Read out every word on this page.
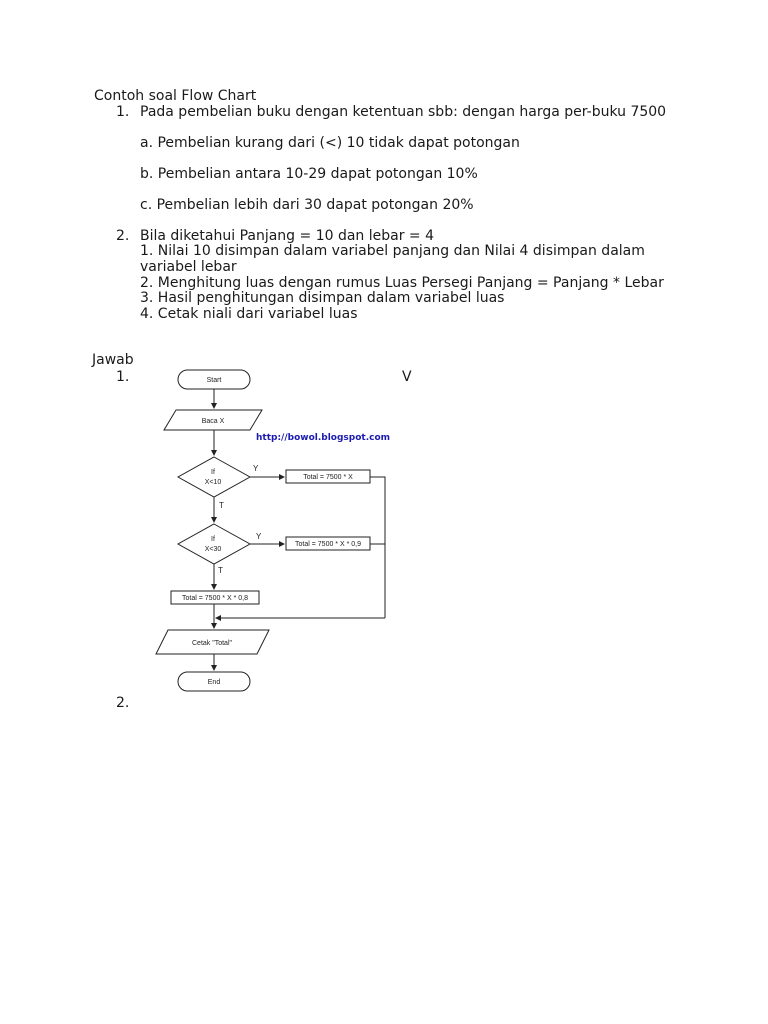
Contoh soal Flow Chart
1. Pada pembelian buku dengan ketentuan sbb: dengan harga per-buku 7500
a. Pembelian kurang dari (<) 10 tidak dapat potongan
b. Pembelian antara 10-29 dapat potongan 10%
c. Pembelian lebih dari 30 dapat potongan 20%
2. Bila diketahui Panjang = 10 dan lebar = 4
1. Nilai 10 disimpan dalam variabel panjang dan Nilai 4 disimpan dalam
variabel lebar
2. Menghitung luas dengan rumus Luas Persegi Panjang = Panjang * Lebar
3. Hasil penghitungan disimpan dalam variabel luas
4. Cetak niali dari variabel luas
Jawab
1.	V
2.
Start
Baca X
If
X<10
If
X<30
Total = 7500 * X
Total = 7500 * X * 0,9
Total = 7500 * X * 0,8
Cetak "Total"
End
Y
Y
T
T
http://bowol.blogspot.com
